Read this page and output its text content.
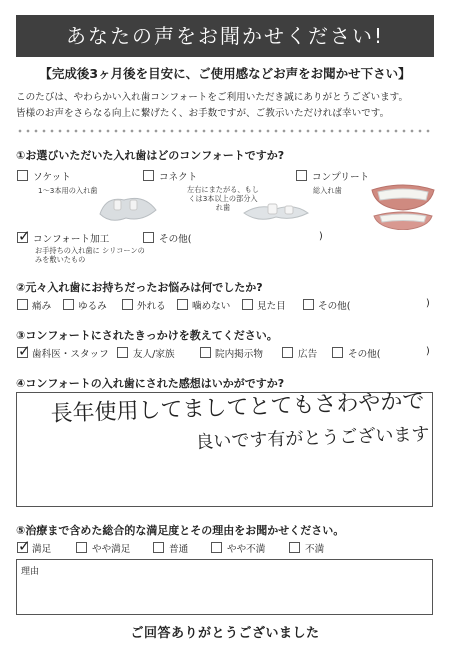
あなたの声をお聞かせください!
【完成後3ヶ月後を目安に、ご使用感などお声をお聞かせ下さい】
このたびは、やわらかい入れ歯コンフォートをご利用いただき誠にありがとうございます。
皆様のお声をさらなる向上に繋げたく、お手数ですが、ご教示いただければ幸いです。
①お選びいただいた入れ歯はどのコンフォートですか?
ソケット
1～3本用の入れ歯
コネクト
左右にまたがる、もしくは3本以上の部分入れ歯
コンプリート
総入れ歯
✓
コンフォート加工
お手持ちの入れ歯に シリコーンのみを敷いたもの
その他(	)
②元々入れ歯にお持ちだったお悩みは何でしたか?
痛み	ゆるみ	外れる	噛めない	見た目	その他(	)
③コンフォートにされたきっかけを教えてください。
✓
歯科医・スタッフ	友人/家族	院内掲示物	広告	その他(	)
④コンフォートの入れ歯にされた感想はいかがですか?
長年使用してましてとてもさわやかで
良いです有がとうございます
⑤治療まで含めた総合的な満足度とその理由をお聞かせください。
✓
満足	やや満足	普通	やや不満	不満
理由
ご回答ありがとうございました
